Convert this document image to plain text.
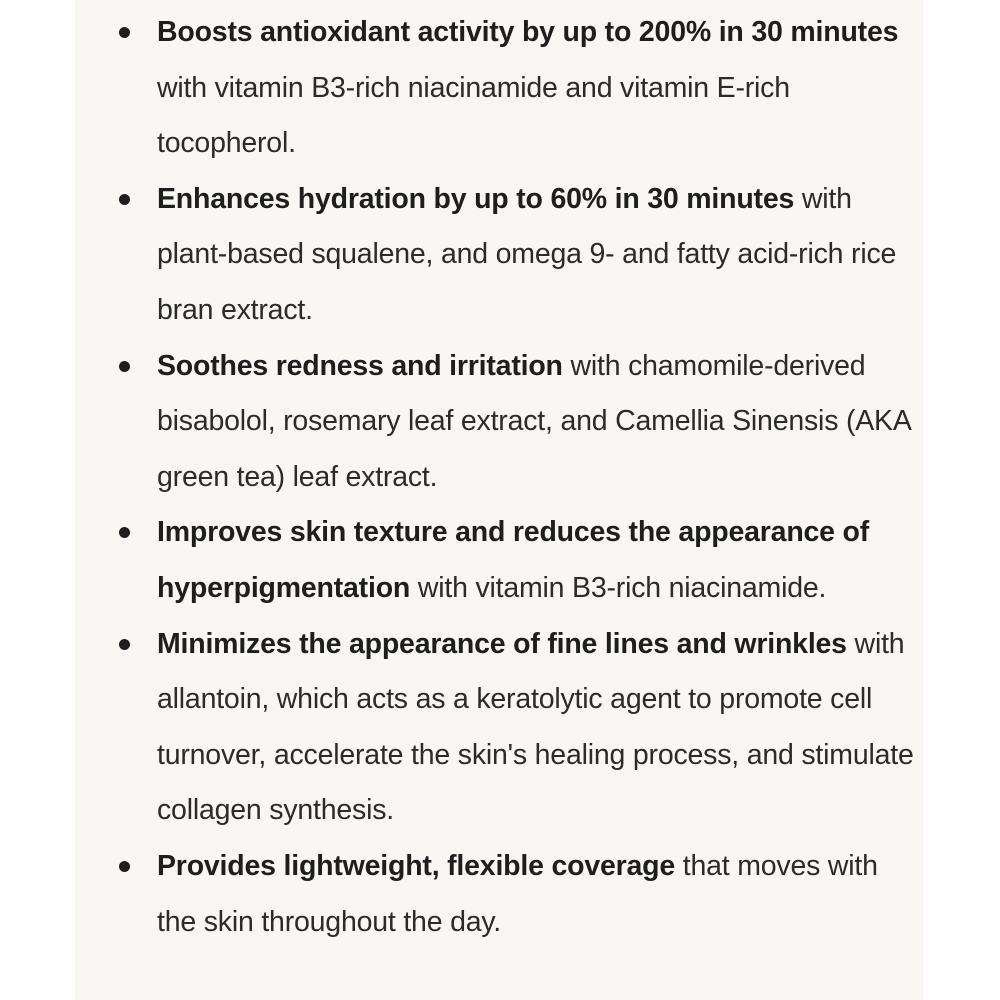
Boosts antioxidant activity by up to 200% in 30 minutes with vitamin B3-rich niacinamide and vitamin E-rich tocopherol.
Enhances hydration by up to 60% in 30 minutes with plant-based squalene, and omega 9- and fatty acid-rich rice bran extract.
Soothes redness and irritation with chamomile-derived bisabolol, rosemary leaf extract, and Camellia Sinensis (AKA green tea) leaf extract.
Improves skin texture and reduces the appearance of hyperpigmentation with vitamin B3-rich niacinamide.
Minimizes the appearance of fine lines and wrinkles with allantoin, which acts as a keratolytic agent to promote cell turnover, accelerate the skin's healing process, and stimulate collagen synthesis.
Provides lightweight, flexible coverage that moves with the skin throughout the day.
